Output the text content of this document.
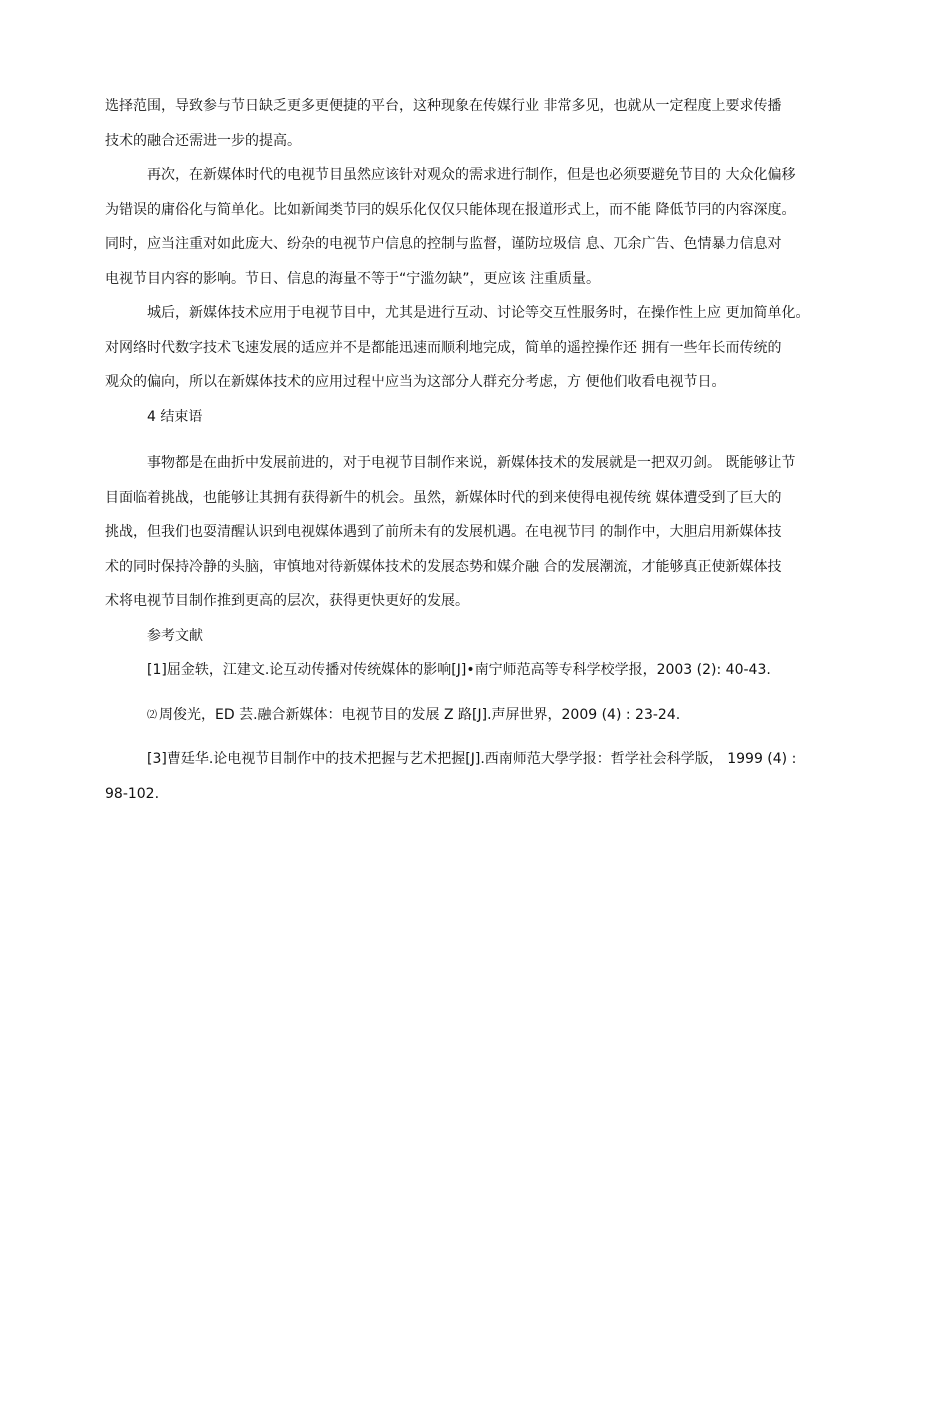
选择范围，导致参与节日缺乏更多更便捷的平台，这种现象在传媒行业 非常多见，也就从一定程度上要求传播
技术的融合还需进一步的提高。
再次，在新媒体时代的电视节目虽然应该针对观众的需求进行制作，但是也必须要避免节目的 大众化偏移
为错误的庸俗化与简单化。比如新闻类节冃的娱乐化仅仅只能体现在报道形式上，而不能 降低节冃的内容深度。
同时，应当注重对如此庞大、纷杂的电视节户信息的控制与监督，谨防垃圾信 息、兀余广告、色情暴力信息对
电视节目内容的影响。节日、信息的海量不等于“宁滥勿缺”，更应该 注重质量。
城后，新媒体技术应用于电视节目中，尤其是进行互动、讨论等交互性服务时，在操作性上应 更加简单化。
对网络时代数字技术飞速发展的适应并不是都能迅速而顺利地完成，简单的遥控操作还 拥有一些年长而传统的
观众的偏向，所以在新媒体技术的应用过程屮应当为这部分人群充分考虑，方 便他们收看电视节日。
4 结束语
事物都是在曲折中发展前进的，对于电视节目制作来说，新媒体技术的发展就是一把双刃剑。 既能够让节
目面临着挑战，也能够让其拥有获得新牛的机会。虽然，新媒体时代的到来使得电视传统 媒体遭受到了巨大的
挑战，但我们也耍清醒认识到电视媒体遇到了前所未有的发展机遇。在电视节冃 的制作中，大胆启用新媒体技
术的同时保持冷静的头脑，审慎地对待新媒体技术的发展态势和媒介融 合的发展潮流，才能够真正使新媒体技
术将电视节目制作推到更高的层次，获得更快更好的发展。
参考文献
[1]屈金轶，江建文.论互动传播对传统媒体的影响[J]•南宁师范高等专科学校学报，2003 (2): 40-43.
⑵ 周俊光，ED 芸.融合新媒体：电视节目的发展 Z 路[J].声屏世界，2009 (4) : 23-24.
[3]曹廷华.论电视节目制作中的技术把握与艺术把握[J].西南师范大學学报：哲学社会科学版， 1999 (4) :
98-102.
